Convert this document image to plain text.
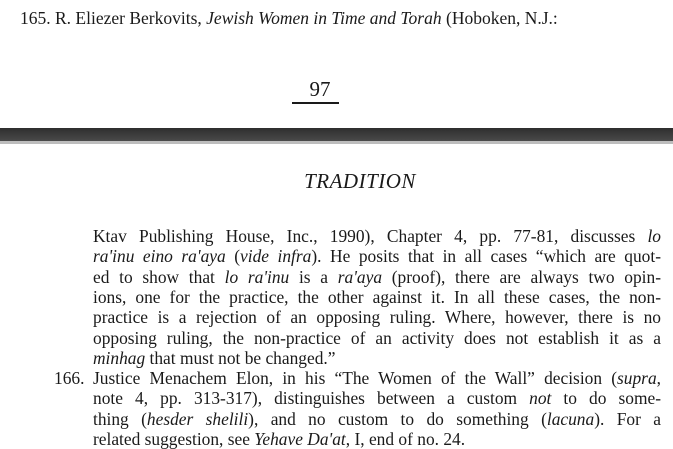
165. R. Eliezer Berkovits, Jewish Women in Time and Torah (Hoboken, N.J.:
97
TRADITION
Ktav Publishing House, Inc., 1990), Chapter 4, pp. 77-81, discusses lo
ra'inu eino ra'aya (vide infra). He posits that in all cases “which are quot-
ed to show that lo ra'inu is a ra'aya (proof), there are always two opin-
ions, one for the practice, the other against it. In all these cases, the non-
practice is a rejection of an opposing ruling. Where, however, there is no
opposing ruling, the non-practice of an activity does not establish it as a
minhag that must not be changed.”
166. Justice Menachem Elon, in his “The Women of the Wall” decision (supra,
note 4, pp. 313-317), distinguishes between a custom not to do some-
thing (hesder shelili), and no custom to do something (lacuna). For a
related suggestion, see Yehave Da'at, I, end of no. 24.
